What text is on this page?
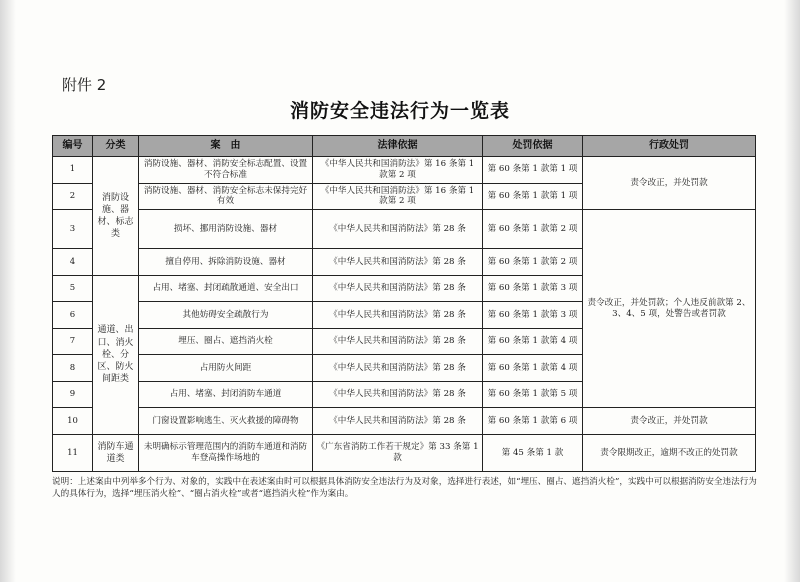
附件 2
消防安全违法行为一览表
编号	分类	案　由	法律依据	处罚依据	行政处罚
1	消防设施、器材、标志类	消防设施、器材、消防安全标志配置、设置不符合标准	《中华人民共和国消防法》第 16 条第 1 款第 2 项	第 60 条第 1 款第 1 项	责令改正，并处罚款
2		消防设施、器材、消防安全标志未保持完好有效	《中华人民共和国消防法》第 16 条第 1 款第 2 项	第 60 条第 1 款第 1 项	
3		损坏、挪用消防设施、器材	《中华人民共和国消防法》第 28 条	第 60 条第 1 款第 2 项	责令改正，并处罚款；个人违反前款第 2、3、4、5 项，处警告或者罚款
4		擅自停用、拆除消防设施、器材	《中华人民共和国消防法》第 28 条	第 60 条第 1 款第 2 项	
5	通道、出口、消火栓、分区、防火间距类	占用、堵塞、封闭疏散通道、安全出口	《中华人民共和国消防法》第 28 条	第 60 条第 1 款第 3 项	
6		其他妨碍安全疏散行为	《中华人民共和国消防法》第 28 条	第 60 条第 1 款第 3 项	
7		埋压、圈占、遮挡消火栓	《中华人民共和国消防法》第 28 条	第 60 条第 1 款第 4 项	
8		占用防火间距	《中华人民共和国消防法》第 28 条	第 60 条第 1 款第 4 项	
9		占用、堵塞、封闭消防车通道	《中华人民共和国消防法》第 28 条	第 60 条第 1 款第 5 项	
10		门窗设置影响逃生、灭火救援的障碍物	《中华人民共和国消防法》第 28 条	第 60 条第 1 款第 6 项	责令改正，并处罚款
11	消防车通道类	未明确标示管理范围内的消防车通道和消防车登高操作场地的	《广东省消防工作若干规定》第 33 条第 1 款	第 45 条第 1 款	责令限期改正，逾期不改正的处罚款
说明：上述案由中列举多个行为、对象的，实践中在表述案由时可以根据具体消防安全违法行为及对象，选择进行表述，如“埋压、圈占、遮挡消火栓”，实践中可以根据消防安全违法行为人的具体行为，选择“埋压消火栓”、“圈占消火栓”或者“遮挡消火栓”作为案由。
